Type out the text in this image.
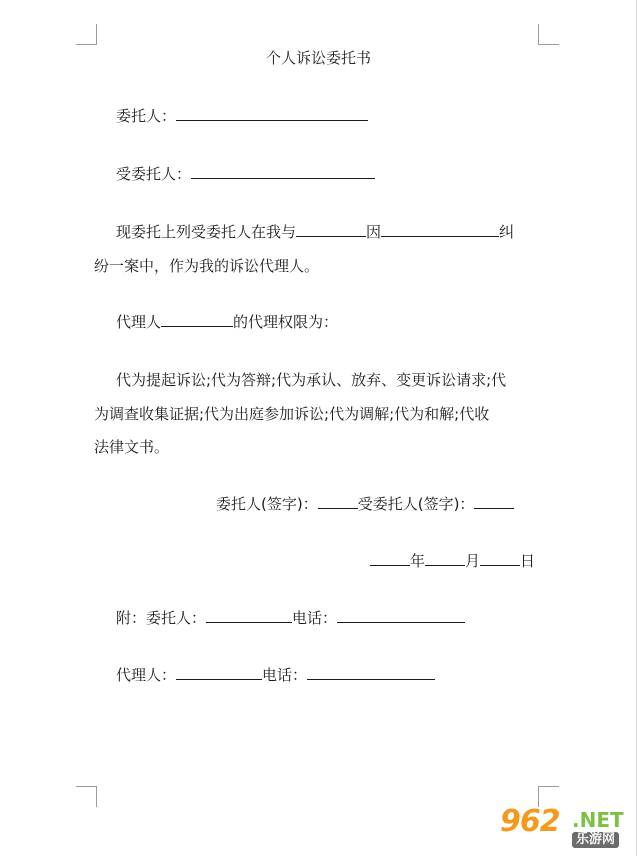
个人诉讼委托书
委托人：
受委托人：
现委托上列受委托人在我与	因	纠
纷一案中，作为我的诉讼代理人。
代理人	的代理权限为：
代为提起诉讼;代为答辩;代为承认、放弃、变更诉讼请求;代
为调查收集证据;代为出庭参加诉讼;代为调解;代为和解;代收
法律文书。
委托人(签字)：	受委托人(签字)：
年	月	日
附：委托人：	电话：
代理人：	电话：
962 .NET
乐游网
